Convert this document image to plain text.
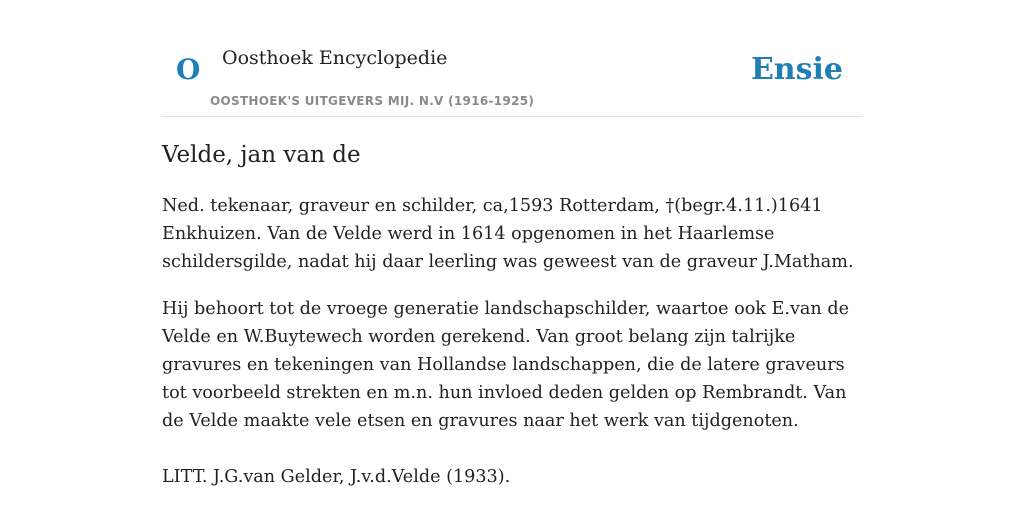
O Oosthoek Encyclopedie
OOSTHOEK'S UITGEVERS MIJ. N.V (1916-1925)
Ensie
Velde, jan van de

Ned. tekenaar, graveur en schilder, ca,1593 Rotterdam, †(begr.4.11.)1641 Enkhuizen. Van de Velde werd in 1614 opgenomen in het Haarlemse schildersgilde, nadat hij daar leerling was geweest van de graveur J.Matham.

Hij behoort tot de vroege generatie landschapschilder, waartoe ook E.van de Velde en W.Buytewech worden gerekend. Van groot belang zijn talrijke gravures en tekeningen van Hollandse landschappen, die de latere graveurs tot voorbeeld strekten en m.n. hun invloed deden gelden op Rembrandt. Van de Velde maakte vele etsen en gravures naar het werk van tijdgenoten.

LITT. J.G.van Gelder, J.v.d.Velde (1933).
